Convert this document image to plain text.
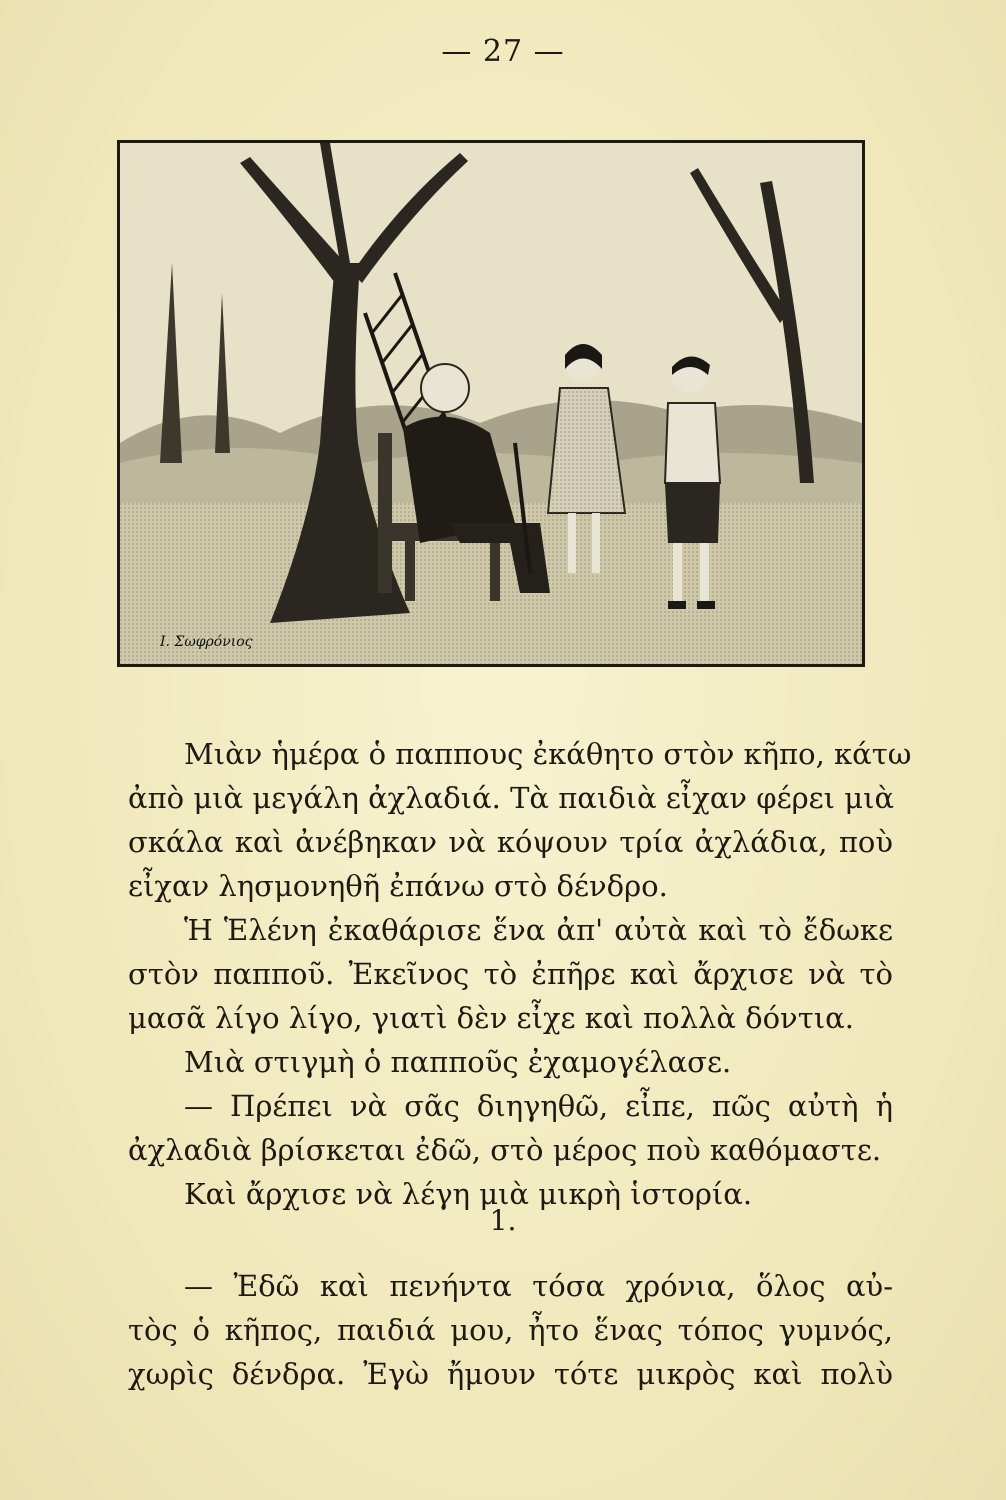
— 27 —
Ι. Σωφρόνιος
Μιὰν ἡμέρα ὁ παππους ἐκάθητο στὸν κῆπο, κάτω
ἀπὸ μιὰ μεγάλη ἀχλαδιά. Τὰ παιδιὰ εἶχαν φέρει μιὰ
σκάλα καὶ ἀνέβηκαν νὰ κόψουν τρία ἀχλάδια, ποὺ
εἶχαν λησμονηθῆ ἐπάνω στὸ δένδρο.
Ἡ Ἑλένη ἐκαθάρισε ἕνα ἀπ' αὐτὰ καὶ τὸ ἔδωκε
στὸν παπποῦ. Ἐκεῖνος τὸ ἐπῆρε καὶ ἄρχισε νὰ τὸ
μασᾶ λίγο λίγο, γιατὶ δὲν εἶχε καὶ πολλὰ δόντια.
Μιὰ στιγμὴ ὁ παπποῦς ἐχαμογέλασε.
— Πρέπει νὰ σᾶς διηγηθῶ, εἶπε, πῶς αὐτὴ ἡ
ἀχλαδιὰ βρίσκεται ἐδῶ, στὸ μέρος ποὺ καθόμαστε.
Καὶ ἄρχισε νὰ λέγη μιὰ μικρὴ ἱστορία.
1.
— Ἐδῶ καὶ πενήντα τόσα χρόνια, ὅλος αὐ-
τὸς ὁ κῆπος, παιδιά μου, ἦτο ἕνας τόπος γυμνός,
χωρὶς δένδρα. Ἐγὼ ἤμουν τότε μικρὸς καὶ πολὺ
